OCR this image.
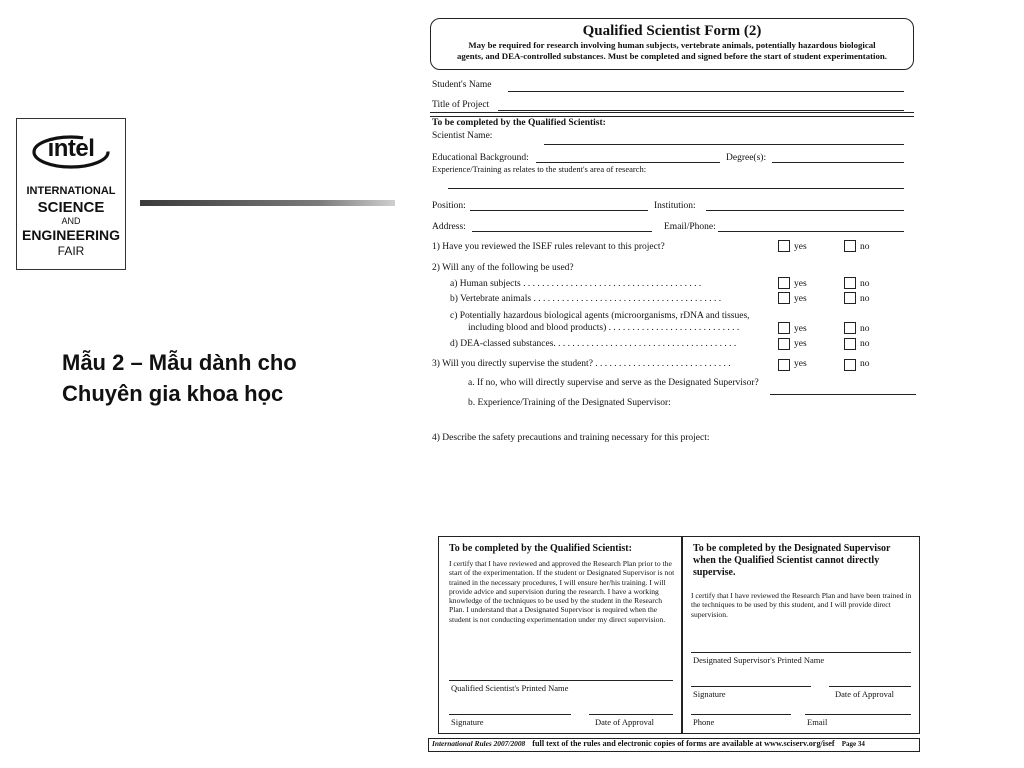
intel
INTERNATIONAL
SCIENCE
AND
ENGINEERING
FAIR
Mẫu 2 – Mẫu dành cho
Chuyên gia khoa học
Qualified Scientist Form (2)
May be required for research involving human subjects, vertebrate animals, potentially hazardous biological
agents, and DEA-controlled substances. Must be completed and signed before the start of student experimentation.
Student's Name
Title of Project
To be completed by the Qualified Scientist:
Scientist Name:
Educational Background:	Degree(s):
Experience/Training as relates to the student's area of research:
Position:	Institution:
Address:	Email/Phone:
1) Have you reviewed the ISEF rules relevant to this project?	yes	no
2) Will any of the following be used?
a) Human subjects . . . . . . . . . . . . . . . . . . . . . . . . . . . . . . . . . . . . . .	yes	no
b) Vertebrate animals . . . . . . . . . . . . . . . . . . . . . . . . . . . . . . . . . . . . . . . .	yes	no
c) Potentially hazardous biological agents (microorganisms, rDNA and tissues,
including blood and blood products) . . . . . . . . . . . . . . . . . . . . . . . . . . . .	yes	no
d) DEA-classed substances. . . . . . . . . . . . . . . . . . . . . . . . . . . . . . . . . . . . . . .	yes	no
3) Will you directly supervise the student? . . . . . . . . . . . . . . . . . . . . . . . . . . . . .	yes	no
a. If no, who will directly supervise and serve as the Designated Supervisor?
b. Experience/Training of the Designated Supervisor:
4) Describe the safety precautions and training necessary for this project:
To be completed by the Qualified Scientist:
I certify that I have reviewed and approved the Research Plan prior to the start of the experimentation. If the student or Designated Supervisor is not trained in the necessary procedures, I will ensure her/his training. I will provide advice and supervision during the research. I have a working knowledge of the techniques to be used by the student in the Research Plan. I understand that a Designated Supervisor is required when the student is not conducting experimentation under my direct supervision.
Qualified Scientist's Printed Name
Signature	Date of Approval
To be completed by the Designated Supervisor when the Qualified Scientist cannot directly supervise.
I certify that I have reviewed the Research Plan and have been trained in the techniques to be used by this student, and I will provide direct supervision.
Designated Supervisor's Printed Name
Signature	Date of Approval
Phone	Email
International Rules 2007/2008 full text of the rules and electronic copies of forms are available at www.sciserv.org/isef Page 34
